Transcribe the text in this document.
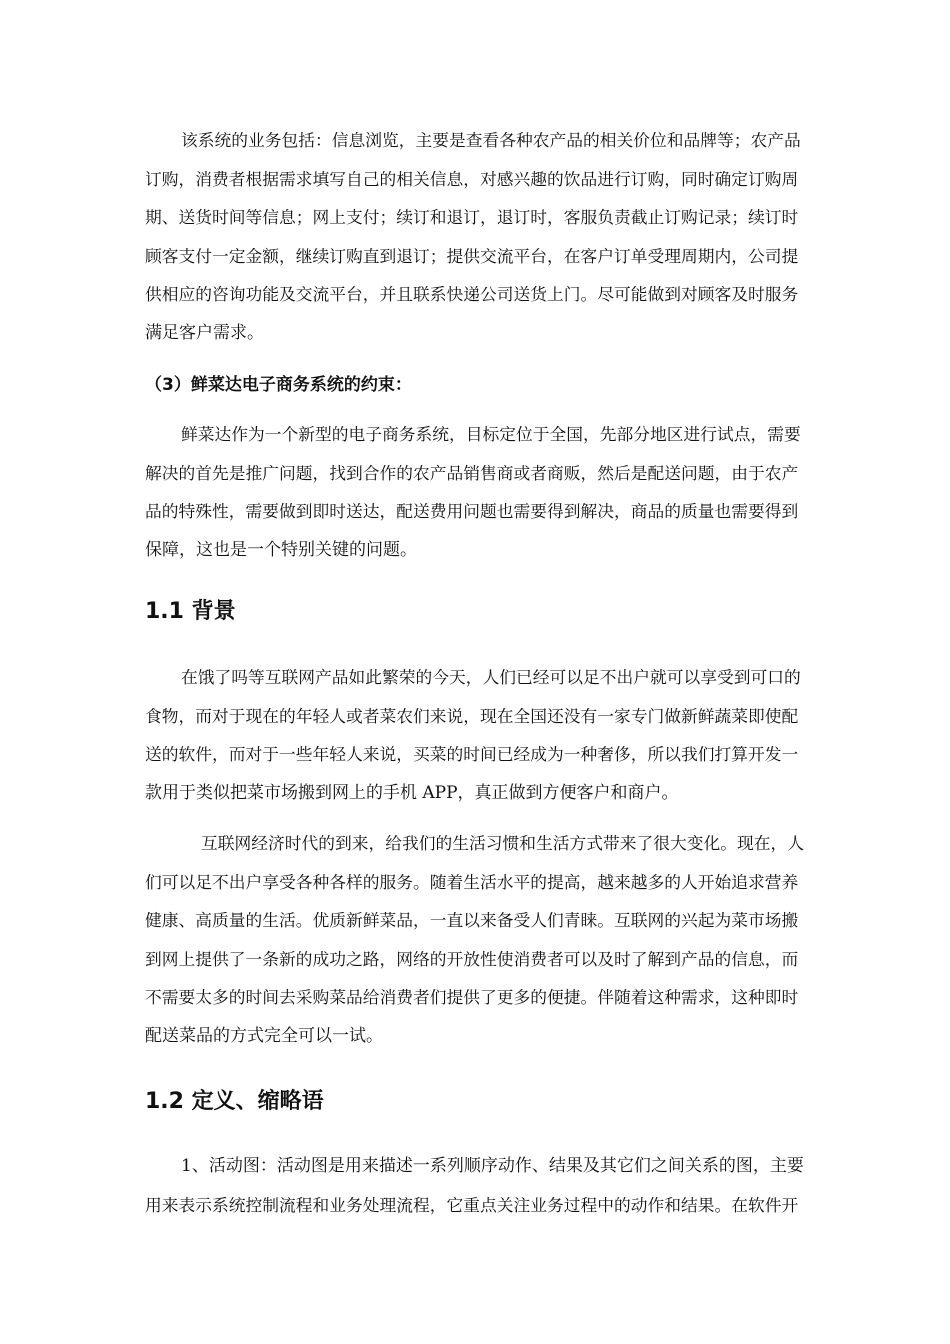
该系统的业务包括：信息浏览，主要是查看各种农产品的相关价位和品牌等；农产品
订购，消费者根据需求填写自己的相关信息，对感兴趣的饮品进行订购，同时确定订购周
期、送货时间等信息；网上支付；续订和退订，退订时，客服负责截止订购记录；续订时
顾客支付一定金额，继续订购直到退订；提供交流平台，在客户订单受理周期内，公司提
供相应的咨询功能及交流平台，并且联系快递公司送货上门。尽可能做到对顾客及时服务
满足客户需求。
（3）鲜菜达电子商务系统的约束：
鲜菜达作为一个新型的电子商务系统，目标定位于全国，先部分地区进行试点，需要
解决的首先是推广问题，找到合作的农产品销售商或者商贩，然后是配送问题，由于农产
品的特殊性，需要做到即时送达，配送费用问题也需要得到解决，商品的质量也需要得到
保障，这也是一个特别关键的问题。
1.1 背景
在饿了吗等互联网产品如此繁荣的今天，人们已经可以足不出户就可以享受到可口的
食物，而对于现在的年轻人或者菜农们来说，现在全国还没有一家专门做新鲜蔬菜即使配
送的软件，而对于一些年轻人来说，买菜的时间已经成为一种奢侈，所以我们打算开发一
款用于类似把菜市场搬到网上的手机 APP，真正做到方便客户和商户。
互联网经济时代的到来，给我们的生活习惯和生活方式带来了很大变化。现在，人
们可以足不出户享受各种各样的服务。随着生活水平的提高，越来越多的人开始追求营养
健康、高质量的生活。优质新鲜菜品，一直以来备受人们青睐。互联网的兴起为菜市场搬
到网上提供了一条新的成功之路，网络的开放性使消费者可以及时了解到产品的信息，而
不需要太多的时间去采购菜品给消费者们提供了更多的便捷。伴随着这种需求，这种即时
配送菜品的方式完全可以一试。
1.2 定义、缩略语
1、活动图：活动图是用来描述一系列顺序动作、结果及其它们之间关系的图，主要
用来表示系统控制流程和业务处理流程，它重点关注业务过程中的动作和结果。在软件开
